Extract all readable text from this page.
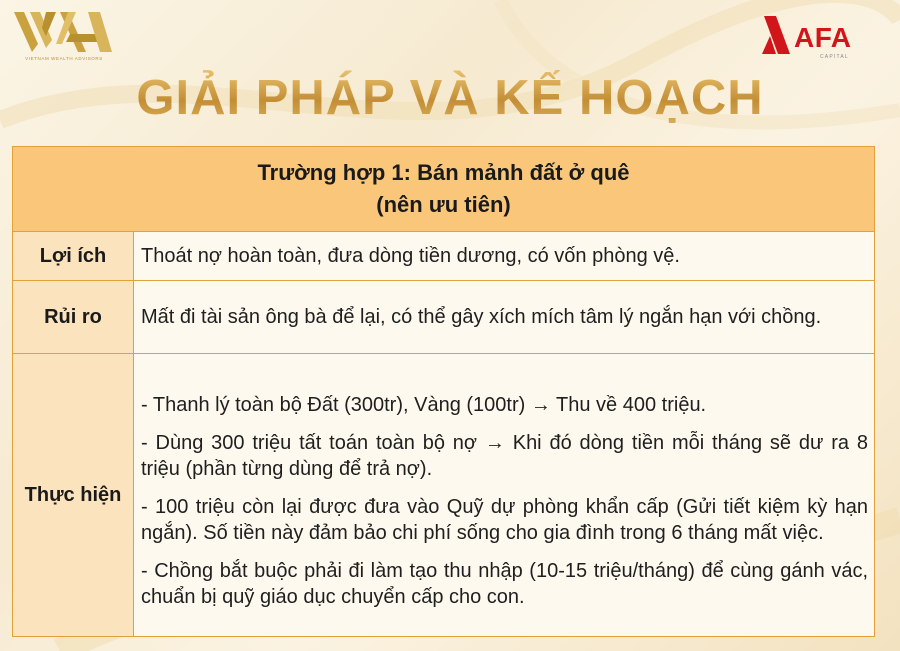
VIETNAM WEALTH ADVISORS
AFA
CAPITAL
GIẢI PHÁP VÀ KẾ HOẠCH
Trường hợp 1: Bán mảnh đất ở quê
(nên ưu tiên)	

Lợi ích	Thoát nợ hoàn toàn, đưa dòng tiền dương, có vốn phòng vệ.
Rủi ro	Mất đi tài sản ông bà để lại, có thể gây xích mích tâm lý ngắn hạn với chồng.
Thực hiện	- Thanh lý toàn bộ Đất (300tr), Vàng (100tr) → Thu về 400 triệu.

- Dùng 300 triệu tất toán toàn bộ nợ → Khi đó dòng tiền mỗi tháng sẽ dư ra 8 triệu (phần từng dùng để trả nợ).

- 100 triệu còn lại được đưa vào Quỹ dự phòng khẩn cấp (Gửi tiết kiệm kỳ hạn ngắn). Số tiền này đảm bảo chi phí sống cho gia đình trong 6 tháng mất việc.

- Chồng bắt buộc phải đi làm tạo thu nhập (10-15 triệu/tháng) để cùng gánh vác, chuẩn bị quỹ giáo dục chuyển cấp cho con.
